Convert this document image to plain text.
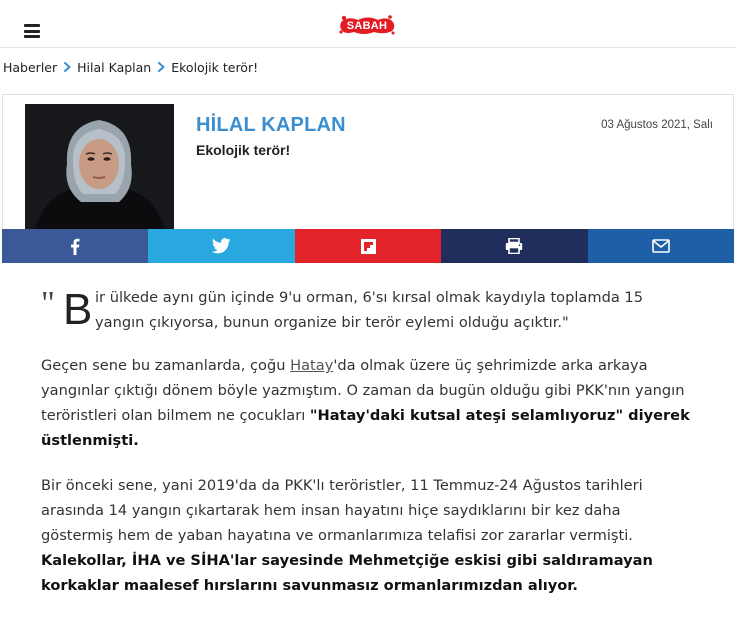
SABAH
Haberler Hilal Kaplan Ekolojik terör!
HİLAL KAPLAN
Ekolojik terör!
03 Ağustos 2021, Salı
" B ir ülkede aynı gün içinde 9'u orman, 6'sı kırsal olmak kaydıyla toplamda 15 yangın çıkıyorsa, bunun organize bir terör eylemi olduğu açıktır."

Geçen sene bu zamanlarda, çoğu Hatay'da olmak üzere üç şehrimizde arka arkaya yangınlar çıktığı dönem böyle yazmıştım. O zaman da bugün olduğu gibi PKK'nın yangın teröristleri olan bilmem ne çocukları "Hatay'daki kutsal ateşi selamlıyoruz" diyerek üstlenmişti.

Bir önceki sene, yani 2019'da da PKK'lı teröristler, 11 Temmuz-24 Ağustos tarihleri arasında 14 yangın çıkartarak hem insan hayatını hiçe saydıklarını bir kez daha göstermiş hem de yaban hayatına ve ormanlarımıza telafisi zor zararlar vermişti. Kalekollar, İHA ve SİHA'lar sayesinde Mehmetçiğe eskisi gibi saldıramayan korkaklar maalesef hırslarını savunmasız ormanlarımızdan alıyor.
